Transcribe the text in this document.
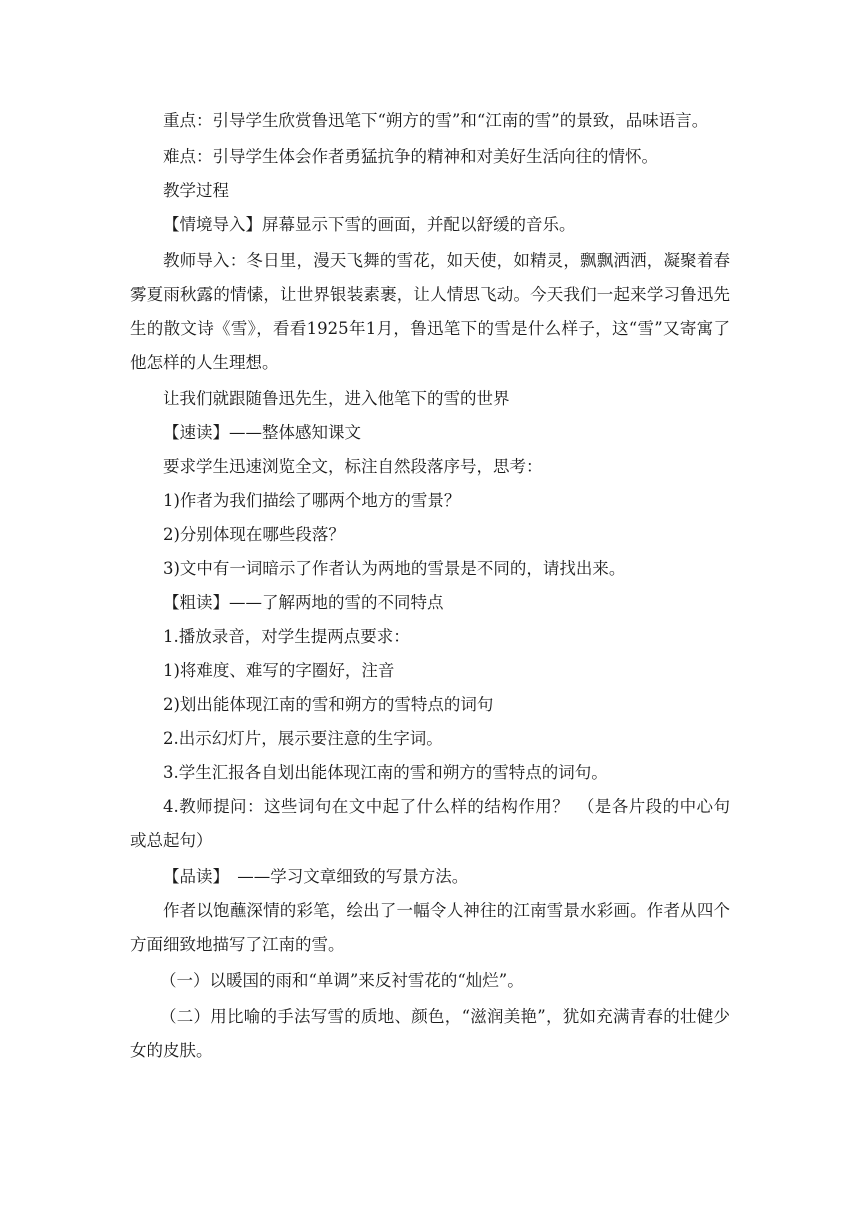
重点：引导学生欣赏鲁迅笔下“朔方的雪”和“江南的雪”的景致，品味语言。

难点：引导学生体会作者勇猛抗争的精神和对美好生活向往的情怀。

教学过程

【情境导入】屏幕显示下雪的画面，并配以舒缓的音乐。

教师导入：冬日里，漫天飞舞的雪花，如天使，如精灵，飘飘洒洒，凝聚着春雾夏雨秋露的情愫，让世界银装素裹，让人情思飞动。今天我们一起来学习鲁迅先生的散文诗《雪》，看看1925年1月，鲁迅笔下的雪是什么样子，这“雪”又寄寓了他怎样的人生理想。

让我们就跟随鲁迅先生，进入他笔下的雪的世界

【速读】——整体感知课文

要求学生迅速浏览全文，标注自然段落序号，思考：

1)作者为我们描绘了哪两个地方的雪景？

2)分别体现在哪些段落？

3)文中有一词暗示了作者认为两地的雪景是不同的，请找出来。

【粗读】——了解两地的雪的不同特点

1.播放录音，对学生提两点要求：

1)将难度、难写的字圈好，注音

2)划出能体现江南的雪和朔方的雪特点的词句

2.出示幻灯片，展示要注意的生字词。

3.学生汇报各自划出能体现江南的雪和朔方的雪特点的词句。

4.教师提问：这些词句在文中起了什么样的结构作用？　（是各片段的中心句或总起句）

【品读】　——学习文章细致的写景方法。

作者以饱蘸深情的彩笔，绘出了一幅令人神往的江南雪景水彩画。作者从四个方面细致地描写了江南的雪。

（一）以暖国的雨和“单调”来反衬雪花的“灿烂”。

（二）用比喻的手法写雪的质地、颜色，“滋润美艳”，犹如充满青春的壮健少女的皮肤。
